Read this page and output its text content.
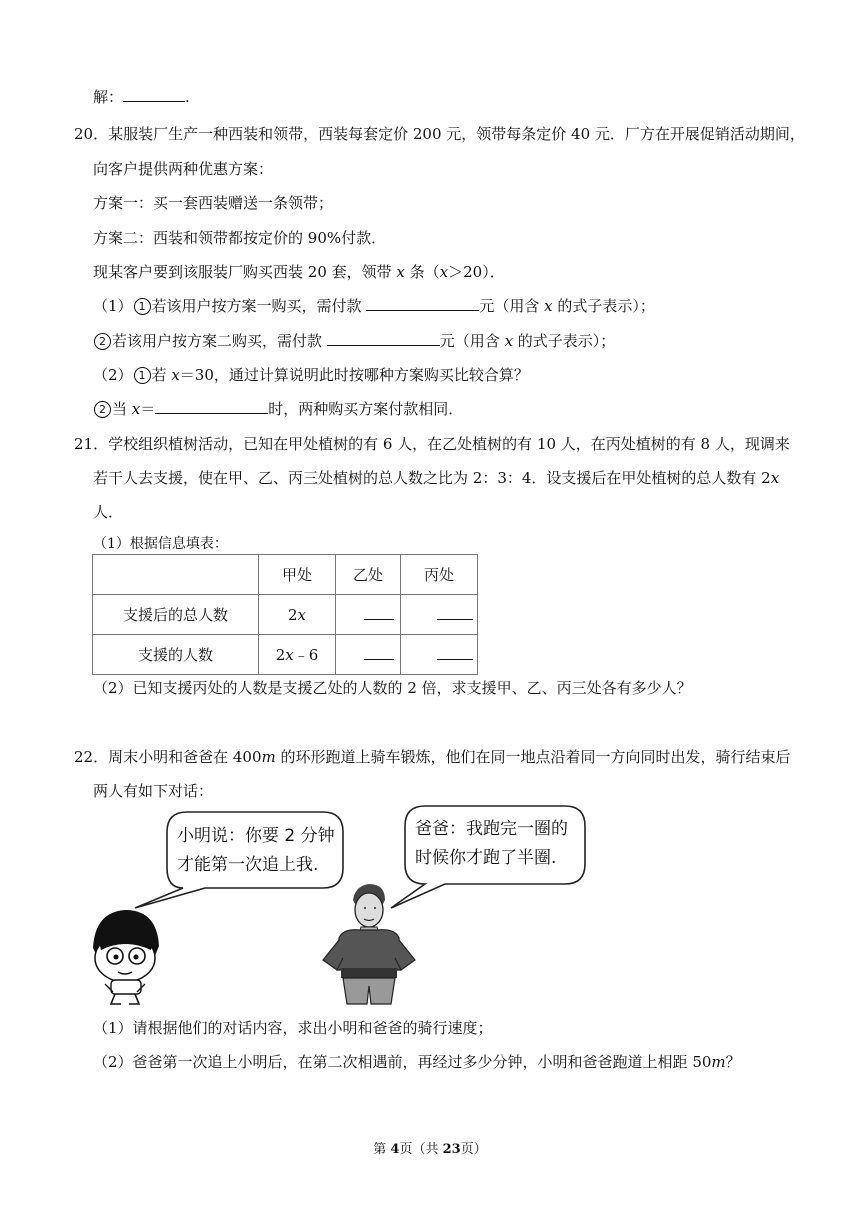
解：	.
20．某服装厂生产一种西装和领带，西装每套定价 200 元，领带每条定价 40 元．厂方在开展促销活动期间，
向客户提供两种优惠方案：
方案一：买一套西装赠送一条领带；
方案二：西装和领带都按定价的 90%付款．
现某客户要到该服装厂购买西装 20 套，领带 x 条（x＞20）．
（1） 1 若该用户按方案一购买，需付款	元（用含 x 的式子表示）；
2 若该用户按方案二购买，需付款	元（用含 x 的式子表示）；
（2） 1 若 x＝30，通过计算说明此时按哪种方案购买比较合算？
2 当 x＝	时，两种购买方案付款相同．
21．学校组织植树活动，已知在甲处植树的有 6 人，在乙处植树的有 10 人，在丙处植树的有 8 人，现调来
若干人去支援，使在甲、乙、丙三处植树的总人数之比为 2：3：4．设支援后在甲处植树的总人数有 2x
人．
（1）根据信息填表：
	甲处	乙处	丙处
支援后的总人数	2x		
支援的人数	2x﹣6		
（2）已知支援丙处的人数是支援乙处的人数的 2 倍，求支援甲、乙、丙三处各有多少人？
22．周末小明和爸爸在 400m 的环形跑道上骑车锻炼，他们在同一地点沿着同一方向同时出发，骑行结束后
两人有如下对话：
小明说：你要 2 分钟
才能第一次追上我.
爸爸：我跑完一圈的
时候你才跑了半圈.
（1）请根据他们的对话内容，求出小明和爸爸的骑行速度；
（2）爸爸第一次追上小明后，在第二次相遇前，再经过多少分钟，小明和爸爸跑道上相距 50m？
第 4页（共 23页）
